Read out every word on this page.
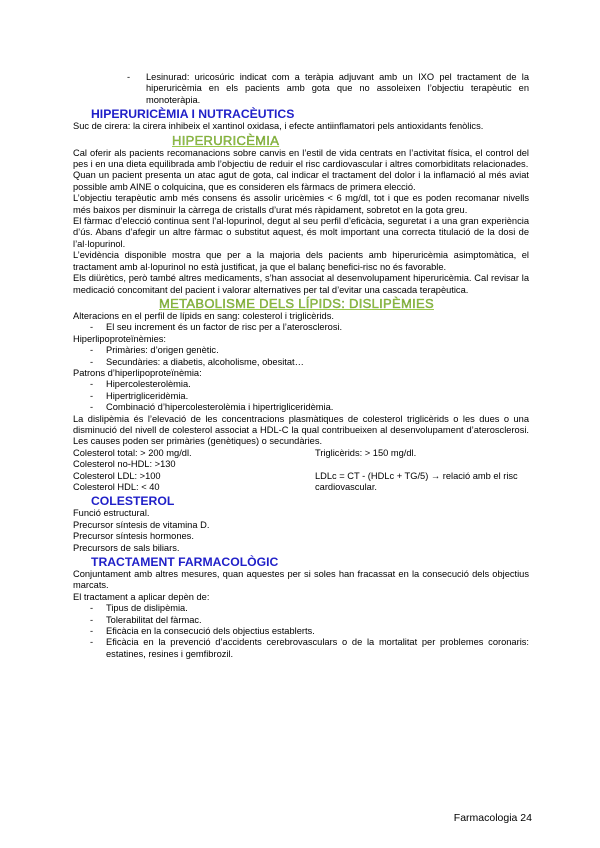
- Lesinurad: uricosúric indicat com a teràpia adjuvant amb un IXO pel tractament de la hiperuricèmia en els pacients amb gota que no assoleixen l’objectiu terapèutic en monoteràpia.
HIPERURICÈMIA I NUTRACÈUTICS

Suc de cirera: la cirera inhibeix el xantinol oxidasa, i efecte antiinflamatori pels antioxidants fenòlics.

HIPERURICÈMIA

Cal oferir als pacients recomanacions sobre canvis en l’estil de vida centrats en l’activitat física, el control del pes i en una dieta equilibrada amb l’objectiu de reduir el risc cardiovascular i altres comorbiditats relacionades.

Quan un pacient presenta un atac agut de gota, cal indicar el tractament del dolor i la inflamació al més aviat possible amb AINE o colquicina, que es consideren els fàrmacs de primera elecció.

L’objectiu terapèutic amb més consens és assolir uricèmies < 6 mg/dl, tot i que es poden recomanar nivells més baixos per disminuir la càrrega de cristalls d’urat més ràpidament, sobretot en la gota greu.

El fàrmac d’elecció continua sent l’al·lopurinol, degut al seu perfil d’eficàcia, seguretat i a una gran experiència d’ús. Abans d’afegir un altre fàrmac o substitut aquest, és molt important una correcta titulació de la dosi de l’al·lopurinol.

L’evidència disponible mostra que per a la majoria dels pacients amb hiperuricèmia asimptomàtica, el tractament amb al·lopurinol no està justificat, ja que el balanç benefici-risc no és favorable.

Els diürètics, però també altres medicaments, s’han associat al desenvolupament hiperuricèmia. Cal revisar la medicació concomitant del pacient i valorar alternatives per tal d’evitar una cascada terapèutica.

METABOLISME DELS LÍPIDS: DISLIPÈMIES

Alteracions en el perfil de lípids en sang: colesterol i triglicèrids.

- El seu increment és un factor de risc per a l’aterosclerosi.

Hiperlipoproteïnèmies:

- Primàries: d’origen genètic.
- Secundàries: a diabetis, alcoholisme, obesitat…

Patrons d’hiperlipoproteïnèmia:

- Hipercolesterolèmia.
- Hipertrigliceridèmia.
- Combinació d’hipercolesterolèmia i hipertrigliceridèmia.

La dislipèmia és l’elevació de les concentracions plasmàtiques de colesterol triglicèrids o les dues o una disminució del nivell de colesterol associat a HDL-C la qual contribueixen al desenvolupament d’aterosclerosi. Les causes poden ser primàries (genètiques) o secundàries.

Colesterol total: > 200 mg/dl.
Colesterol no-HDL: >130
Colesterol LDL: >100
Colesterol HDL: < 40
Triglicèrids: > 150 mg/dl.
LDLc = CT - (HDLc + TG/5) → relació amb el risc cardiovascular.
COLESTEROL
Funció estructural.
Precursor síntesis de vitamina D.
Precursor síntesis hormones.
Precursors de sals biliars.
TRACTAMENT FARMACOLÒGIC

Conjuntament amb altres mesures, quan aquestes per si soles han fracassat en la consecució dels objectius marcats.

El tractament a aplicar depèn de:

- Tipus de dislipèmia.
- Tolerabilitat del fàrmac.
- Eficàcia en la consecució dels objectius establerts.
- Eficàcia en la prevenció d’accidents cerebrovasculars o de la mortalitat per problemes coronaris: estatines, resines i gemfibrozil.
Farmacologia 24
